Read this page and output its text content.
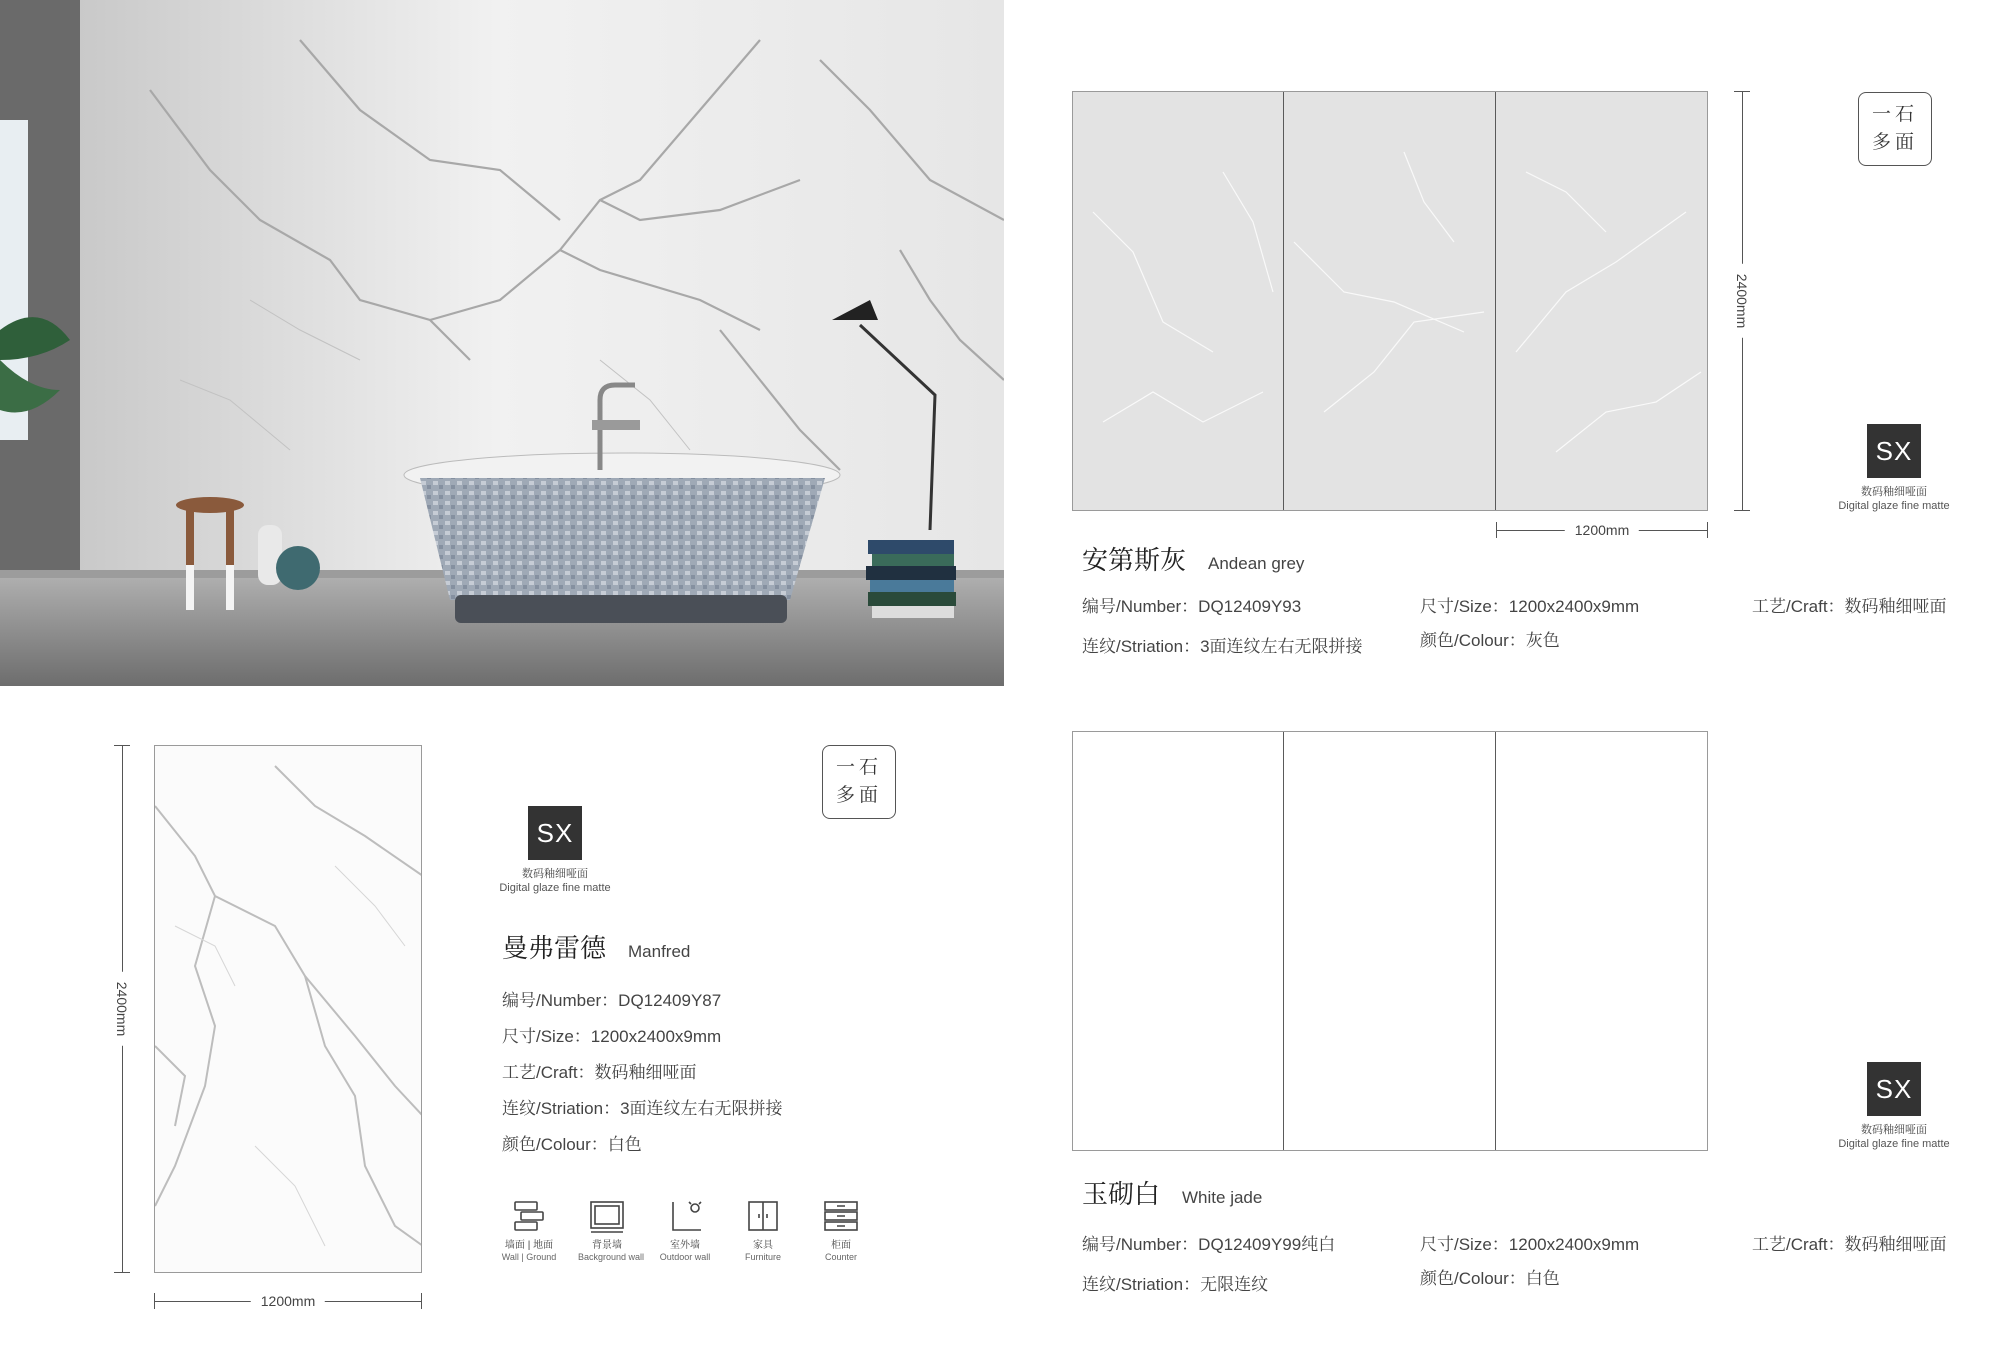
2400mm
1200mm
一石
多面
SX
数码釉细哑面
Digital glaze fine matte
安第斯灰 Andean grey
编号/Number：DQ12409Y93	尺寸/Size：1200x2400x9mm	工艺/Craft：数码釉细哑面
连纹/Striation：3面连纹左右无限拼接	颜色/Colour：灰色
2400mm
1200mm
一石
多面
SX
数码釉细哑面
Digital glaze fine matte
曼弗雷德 Manfred
编号/Number：DQ12409Y87
尺寸/Size：1200x2400x9mm
工艺/Craft：数码釉细哑面
连纹/Striation：3面连纹左右无限拼接
颜色/Colour：白色
墙面 | 地面
Wall | Ground
背景墙
Background wall
室外墙
Outdoor wall
家具
Furniture
柜面
Counter
SX
数码釉细哑面
Digital glaze fine matte
玉砌白 White jade
编号/Number：DQ12409Y99纯白	尺寸/Size：1200x2400x9mm	工艺/Craft：数码釉细哑面
连纹/Striation：无限连纹	颜色/Colour：白色
